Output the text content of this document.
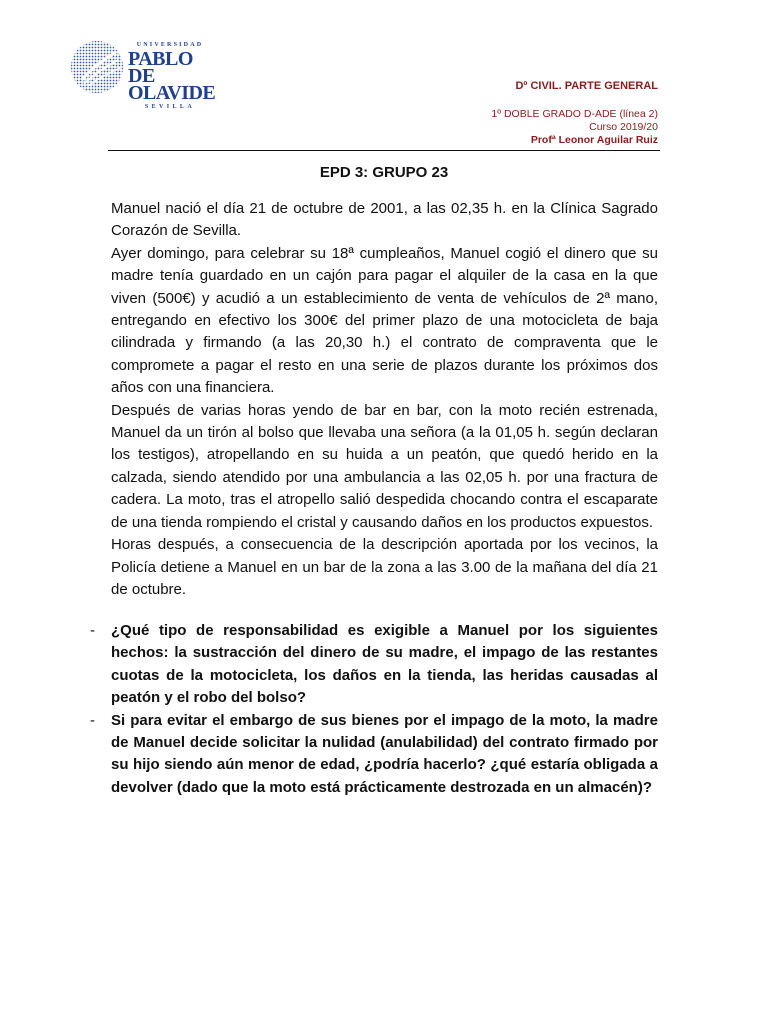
UNIVERSIDAD
PABLO DE
OLAVIDE
SEVILLA
Dº CIVIL. PARTE GENERAL
1º DOBLE GRADO D-ADE (línea 2)
Curso 2019/20
Profª Leonor Aguilar Ruiz
EPD 3: GRUPO 23

Manuel nació el día 21 de octubre de 2001, a las 02,35 h. en la Clínica Sagrado Corazón de Sevilla.

Ayer domingo, para celebrar su 18ª cumpleaños, Manuel cogió el dinero que su madre tenía guardado en un cajón para pagar el alquiler de la casa en la que viven (500€) y acudió a un establecimiento de venta de vehículos de 2ª mano, entregando en efectivo los 300€ del primer plazo de una motocicleta de baja cilindrada y firmando (a las 20,30 h.) el contrato de compraventa que le compromete a pagar el resto en una serie de plazos durante los próximos dos años con una financiera.

Después de varias horas yendo de bar en bar, con la moto recién estrenada, Manuel da un tirón al bolso que llevaba una señora (a la 01,05 h. según declaran los testigos), atropellando en su huida a un peatón, que quedó herido en la calzada, siendo atendido por una ambulancia a las 02,05 h. por una fractura de cadera. La moto, tras el atropello salió despedida chocando contra el escaparate de una tienda rompiendo el cristal y causando daños en los productos expuestos.

Horas después, a consecuencia de la descripción aportada por los vecinos, la Policía detiene a Manuel en un bar de la zona a las 3.00 de la mañana del día 21 de octubre.

-	¿Qué tipo de responsabilidad es exigible a Manuel por los siguientes hechos: la sustracción del dinero de su madre, el impago de las restantes cuotas de la motocicleta, los daños en la tienda, las heridas causadas al peatón y el robo del bolso?
-	Si para evitar el embargo de sus bienes por el impago de la moto, la madre de Manuel decide solicitar la nulidad (anulabilidad) del contrato firmado por su hijo siendo aún menor de edad, ¿podría hacerlo? ¿qué estaría obligada a devolver (dado que la moto está prácticamente destrozada en un almacén)?
